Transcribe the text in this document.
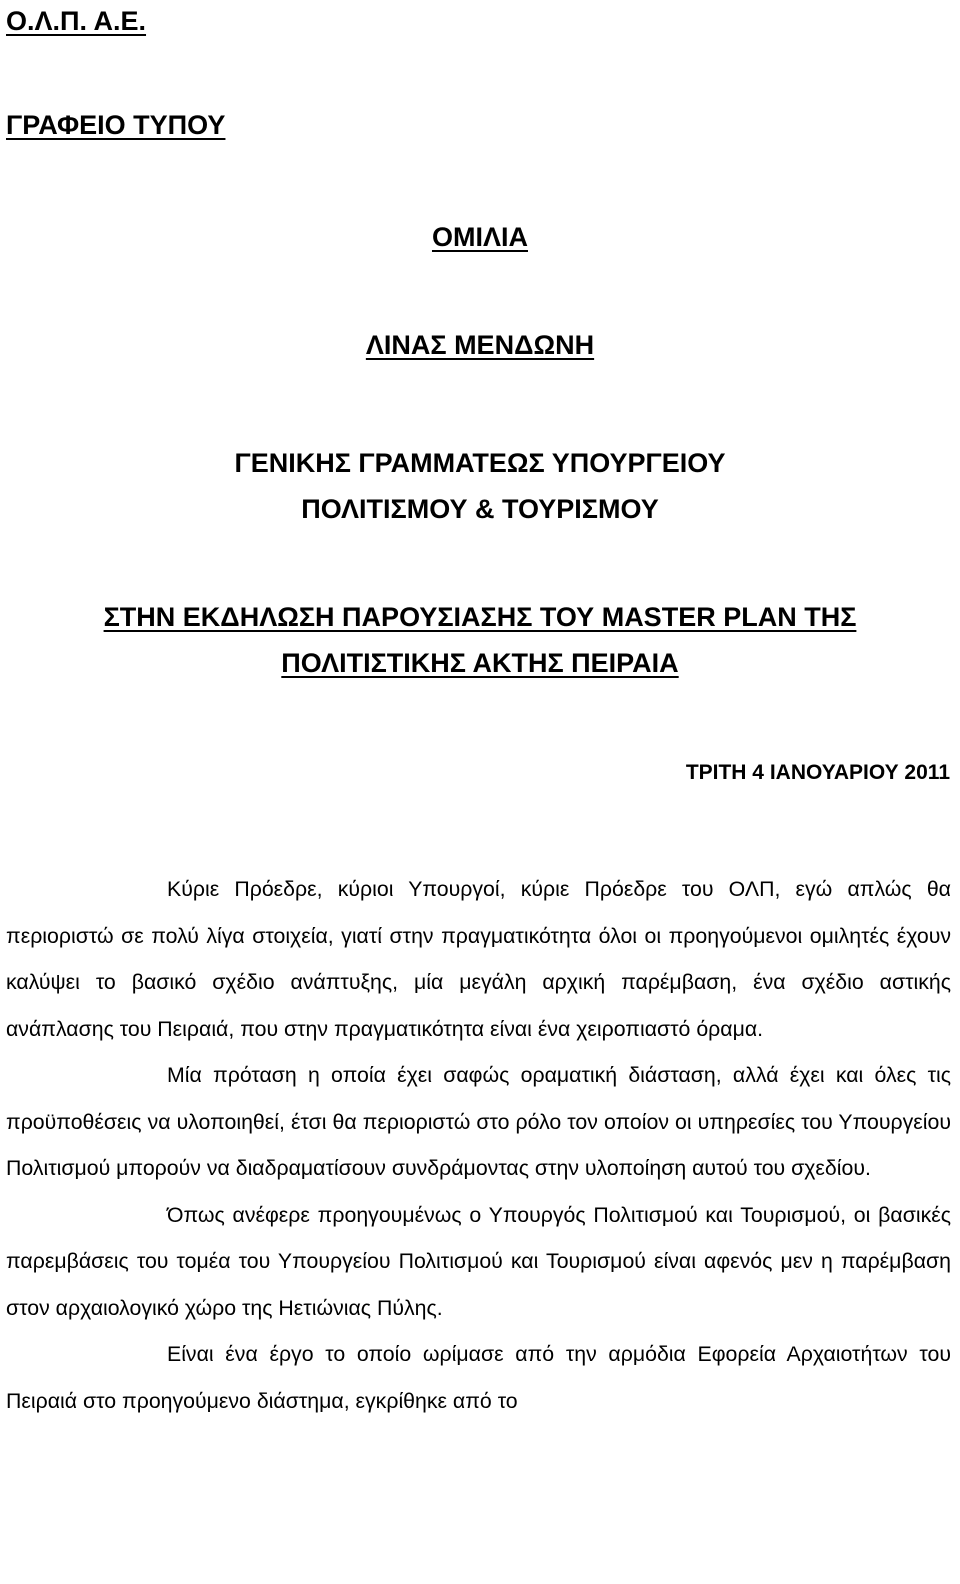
Ο.Λ.Π. Α.Ε.
ΓΡΑΦΕΙΟ ΤΥΠΟΥ
ΟΜΙΛΙΑ
ΛΙΝΑΣ ΜΕΝΔΩΝΗ
ΓΕΝΙΚΗΣ ΓΡΑΜΜΑΤΕΩΣ ΥΠΟΥΡΓΕΙΟΥ
ΠΟΛΙΤΙΣΜΟΥ & ΤΟΥΡΙΣΜΟΥ
ΣΤΗΝ ΕΚΔΗΛΩΣΗ ΠΑΡΟΥΣΙΑΣΗΣ ΤΟΥ MASTER PLAN ΤΗΣ
ΠΟΛΙΤΙΣΤΙΚΗΣ ΑΚΤΗΣ ΠΕΙΡΑΙΑ
ΤΡΙΤΗ 4 ΙΑΝΟΥΑΡΙΟΥ 2011

Κύριε Πρόεδρε, κύριοι Υπουργοί, κύριε Πρόεδρε του ΟΛΠ, εγώ απλώς θα περιοριστώ σε πολύ λίγα στοιχεία, γιατί στην πραγματικότητα όλοι οι προηγούμενοι ομιλητές έχουν καλύψει το βασικό σχέδιο ανάπτυξης, μία μεγάλη αρχική παρέμβαση, ένα σχέδιο αστικής ανάπλασης του Πειραιά, που στην πραγματικότητα είναι ένα χειροπιαστό όραμα.

Μία πρόταση η οποία έχει σαφώς οραματική διάσταση, αλλά έχει και όλες τις προϋποθέσεις να υλοποιηθεί, έτσι θα περιοριστώ στο ρόλο τον οποίον οι υπηρεσίες του Υπουργείου Πολιτισμού μπορούν να διαδραματίσουν συνδράμοντας στην υλοποίηση αυτού του σχεδίου.

Όπως ανέφερε προηγουμένως ο Υπουργός Πολιτισμού και Τουρισμού, οι βασικές παρεμβάσεις του τομέα του Υπουργείου Πολιτισμού και Τουρισμού είναι αφενός μεν η παρέμβαση στον αρχαιολογικό χώρο της Ηετιώνιας Πύλης.

Είναι ένα έργο το οποίο ωρίμασε από την αρμόδια Εφορεία Αρχαιοτήτων του Πειραιά στο προηγούμενο διάστημα, εγκρίθηκε από το
